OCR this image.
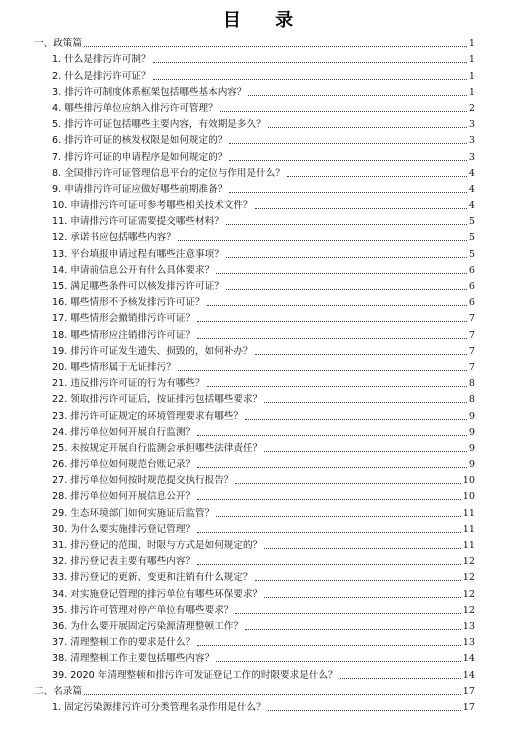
目 录
一、政策篇	1
1. 什么是排污许可制？	1
2. 什么是排污许可证？	1
3. 排污许可制度体系框架包括哪些基本内容？	1
4. 哪些排污单位应纳入排污许可管理？	2
5. 排污许可证包括哪些主要内容，有效期是多久？	3
6. 排污许可证的核发权限是如何规定的？	3
7. 排污许可证的申请程序是如何规定的？	3
8. 全国排污许可证管理信息平台的定位与作用是什么？	4
9. 申请排污许可证应做好哪些前期准备？	4
10. 申请排污许可证可参考哪些相关技术文件？	4
11. 申请排污许可证需要提交哪些材料？	5
12. 承诺书应包括哪些内容？	5
13. 平台填报申请过程有哪些注意事项？	5
14. 申请前信息公开有什么具体要求？	6
15. 满足哪些条件可以核发排污许可证？	6
16. 哪些情形不予核发排污许可证？	6
17. 哪些情形会撤销排污许可证？	7
18. 哪些情形应注销排污许可证？	7
19. 排污许可证发生遗失、损毁的，如何补办？	7
20. 哪些情形属于无证排污？	7
21. 违反排污许可证的行为有哪些？	8
22. 领取排污许可证后，按证排污包括哪些要求？	8
23. 排污许可证规定的环境管理要求有哪些？	9
24. 排污单位如何开展自行监测？	9
25. 未按规定开展自行监测会承担哪些法律责任？	9
26. 排污单位如何规范台账记录？	9
27. 排污单位如何按时规范提交执行报告？	10
28. 排污单位如何开展信息公开？	10
29. 生态环境部门如何实施证后监管？	11
30. 为什么要实施排污登记管理？	11
31. 排污登记的范围、时限与方式是如何规定的？	11
32. 排污登记表主要有哪些内容？	12
33. 排污登记的更新、变更和注销有什么规定？	12
34. 对实施登记管理的排污单位有哪些环保要求？	12
35. 排污许可管理对停产单位有哪些要求？	12
36. 为什么要开展固定污染源清理整顿工作？	13
37. 清理整顿工作的要求是什么？	13
38. 清理整顿工作主要包括哪些内容？	14
39. 2020 年清理整顿和排污许可发证登记工作的时限要求是什么？	14
二、名录篇	17
1. 固定污染源排污许可分类管理名录作用是什么？	17
